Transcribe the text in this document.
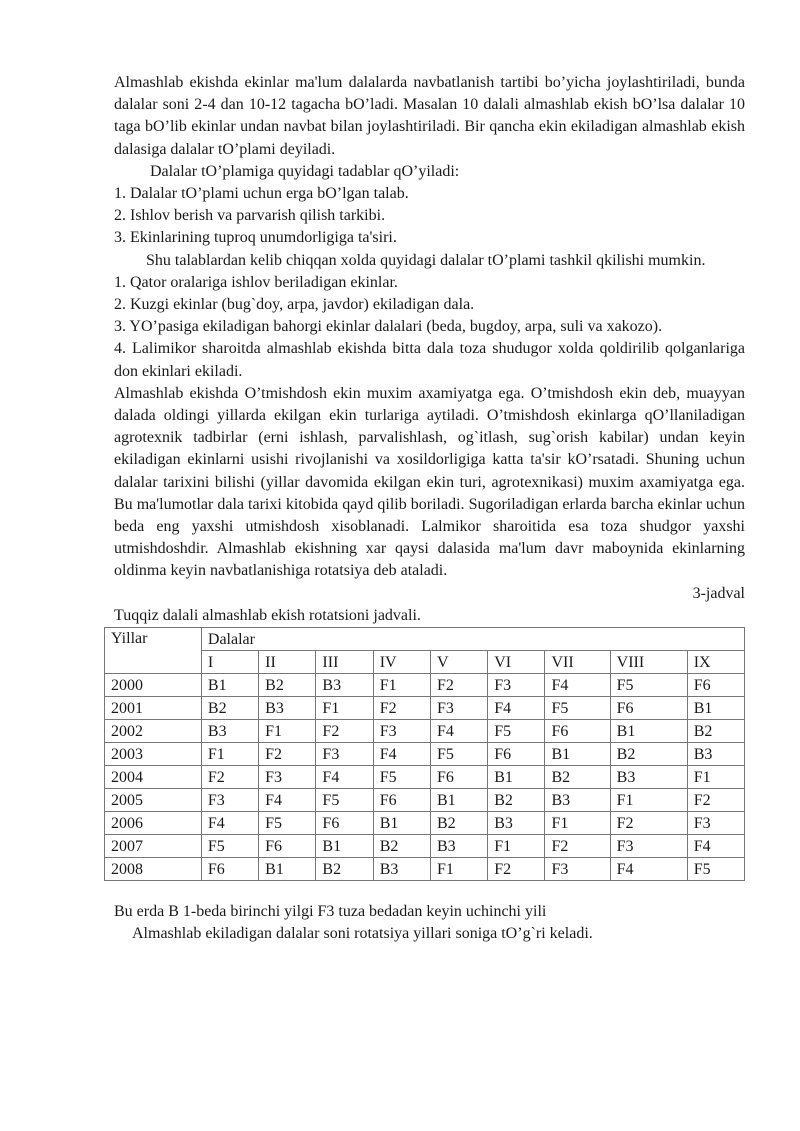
Almashlab ekishda ekinlar ma'lum dalalarda navbatlanish tartibi bo’yicha joylashtiriladi, bunda dalalar soni 2-4 dan 10-12 tagacha bO’ladi. Masalan 10 dalali almashlab ekish bO’lsa dalalar 10 taga bO’lib ekinlar undan navbat bilan joylashtiriladi. Bir qancha ekin ekiladigan almashlab ekish dalasiga dalalar tO’plami deyiladi.

Dalalar tO’plamiga quyidagi tadablar qO’yiladi:

1. Dalalar tO’plami uchun erga bO’lgan talab.

2. Ishlov berish va parvarish qilish tarkibi.

3. Ekinlarining tuproq unumdorligiga ta'siri.

Shu talablardan kelib chiqqan xolda quyidagi dalalar tO’plami tashkil qkilishi mumkin.

1. Qator oralariga ishlov beriladigan ekinlar.

2. Kuzgi ekinlar (bug`doy, arpa, javdor) ekiladigan dala.

3. YO’pasiga ekiladigan bahorgi ekinlar dalalari (beda, bugdoy, arpa, suli va xakozo).

4. Lalimikor sharoitda almashlab ekishda bitta dala toza shudugor xolda qoldirilib qolganlariga don ekinlari ekiladi.

Almashlab ekishda O’tmishdosh ekin muxim axamiyatga ega. O’tmishdosh ekin deb, muayyan dalada oldingi yillarda ekilgan ekin turlariga aytiladi. O’tmishdosh ekinlarga qO’llaniladigan agrotexnik tadbirlar (erni ishlash, parvalishlash, og`itlash, sug`orish kabilar) undan keyin ekiladigan ekinlarni usishi rivojlanishi va xosildorligiga katta ta'sir kO’rsatadi. Shuning uchun dalalar tarixini bilishi (yillar davomida ekilgan ekin turi, agrotexnikasi) muxim axamiyatga ega. Bu ma'lumotlar dala tarixi kitobida qayd qilib boriladi. Sugoriladigan erlarda barcha ekinlar uchun beda eng yaxshi utmishdosh xisoblanadi. Lalmikor sharoitida esa toza shudgor yaxshi utmishdoshdir. Almashlab ekishning xar qaysi dalasida ma'lum davr maboynida ekinlarning oldinma keyin navbatlanishiga rotatsiya deb ataladi.

3-jadval

Tuqqiz dalali almashlab ekish rotatsioni jadvali.

Yillar	Dalalar								
	I	II	III	IV	V	VI	VII	VIII	IX
2000	B1	B2	B3	F1	F2	F3	F4	F5	F6
2001	B2	B3	F1	F2	F3	F4	F5	F6	B1
2002	B3	F1	F2	F3	F4	F5	F6	B1	B2
2003	F1	F2	F3	F4	F5	F6	B1	B2	B3
2004	F2	F3	F4	F5	F6	B1	B2	B3	F1
2005	F3	F4	F5	F6	B1	B2	B3	F1	F2
2006	F4	F5	F6	B1	B2	B3	F1	F2	F3
2007	F5	F6	B1	B2	B3	F1	F2	F3	F4
2008	F6	B1	B2	B3	F1	F2	F3	F4	F5

Bu erda B 1-beda birinchi yilgi F3 tuza bedadan keyin uchinchi yili

Almashlab ekiladigan dalalar soni rotatsiya yillari soniga tO’g`ri keladi.
